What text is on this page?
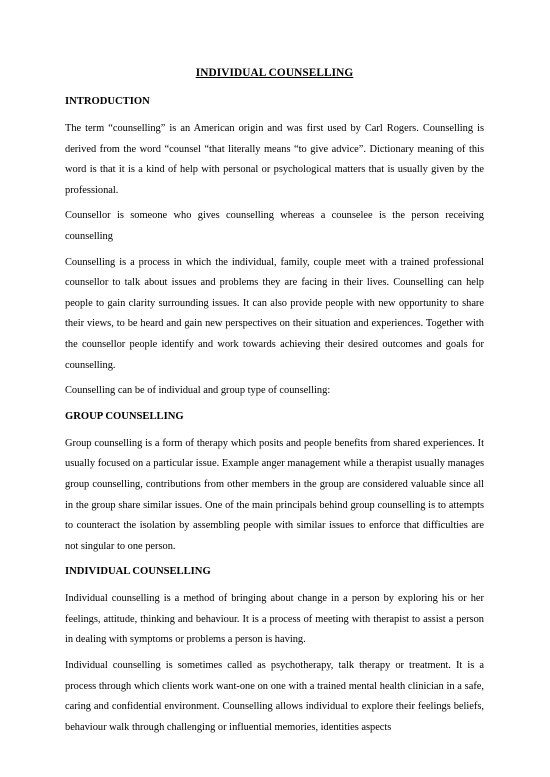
INDIVIDUAL COUNSELLING
INTRODUCTION

The term “counselling” is an American origin and was first used by Carl Rogers. Counselling is derived from the word “counsel “that literally means “to give advice”. Dictionary meaning of this word is that it is a kind of help with personal or psychological matters that is usually given by the professional.

Counsellor is someone who gives counselling whereas a counselee is the person receiving counselling

Counselling is a process in which the individual, family, couple meet with a trained professional counsellor to talk about issues and problems they are facing in their lives. Counselling can help people to gain clarity surrounding issues. It can also provide people with new opportunity to share their views, to be heard and gain new perspectives on their situation and experiences. Together with the counsellor people identify and work towards achieving their desired outcomes and goals for counselling.

Counselling can be of individual and group type of counselling:

GROUP COUNSELLING

Group counselling is a form of therapy which posits and people benefits from shared experiences. It usually focused on a particular issue. Example anger management while a therapist usually manages group counselling, contributions from other members in the group are considered valuable since all in the group share similar issues. One of the main principals behind group counselling is to attempts to counteract the isolation by assembling people with similar issues to enforce that difficulties are not singular to one person.

INDIVIDUAL COUNSELLING

Individual counselling is a method of bringing about change in a person by exploring his or her feelings, attitude, thinking and behaviour. It is a process of meeting with therapist to assist a person in dealing with symptoms or problems a person is having.

Individual counselling is sometimes called as psychotherapy, talk therapy or treatment. It is a process through which clients work want-one on one with a trained mental health clinician in a safe, caring and confidential environment. Counselling allows individual to explore their feelings beliefs, behaviour walk through challenging or influential memories, identities aspects
